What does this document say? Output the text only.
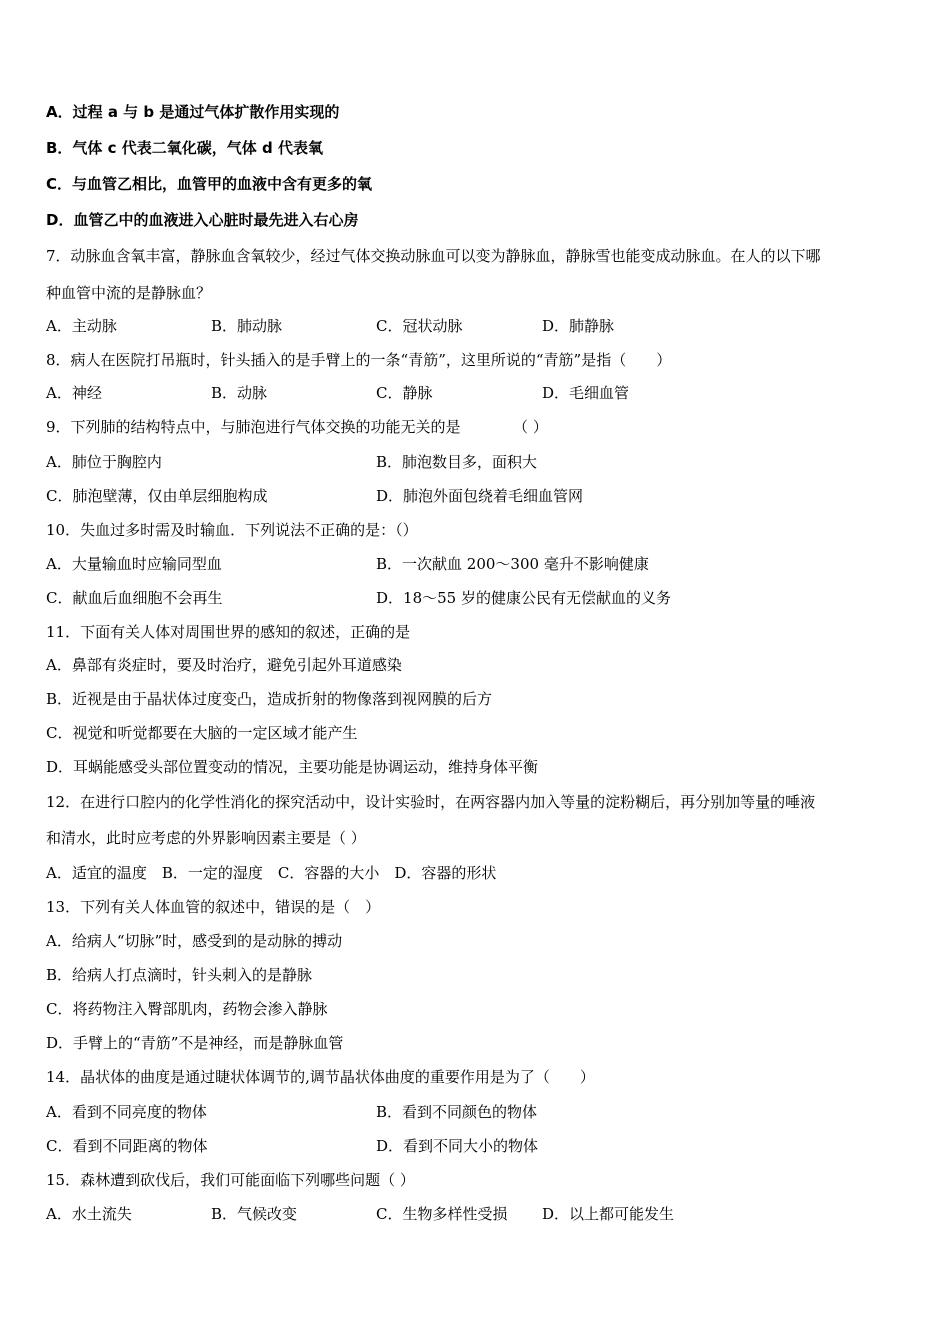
A．过程 a 与 b 是通过气体扩散作用实现的
B．气体 c 代表二氧化碳，气体 d 代表氧
C．与血管乙相比，血管甲的血液中含有更多的氧
D．血管乙中的血液进入心脏时最先进入右心房
7．动脉血含氧丰富，静脉血含氧较少，经过气体交换动脉血可以变为静脉血，静脉雪也能变成动脉血。在人的以下哪
种血管中流的是静脉血？
A．主动脉	B．肺动脉	C．冠状动脉	D．肺静脉
8．病人在医院打吊瓶时，针头插入的是手臂上的一条“青筋”，这里所说的“青筋”是指（　　）
A．神经	B．动脉	C．静脉	D．毛细血管
9．下列肺的结构特点中，与肺泡进行气体交换的功能无关的是　　　　（ ）
A．肺位于胸腔内	B．肺泡数目多，面积大
C．肺泡壁薄，仅由单层细胞构成	D．肺泡外面包绕着毛细血管网
10．失血过多时需及时输血．下列说法不正确的是：（）
A．大量输血时应输同型血	B．一次献血 200～300 毫升不影响健康
C．献血后血细胞不会再生	D．18～55 岁的健康公民有无偿献血的义务
11．下面有关人体对周围世界的感知的叙述，正确的是
A．鼻部有炎症时，要及时治疗，避免引起外耳道感染
B．近视是由于晶状体过度变凸，造成折射的物像落到视网膜的后方
C．视觉和听觉都要在大脑的一定区域才能产生
D．耳蜗能感受头部位置变动的情况，主要功能是协调运动，维持身体平衡
12．在进行口腔内的化学性消化的探究活动中，设计实验时，在两容器内加入等量的淀粉糊后，再分别加等量的唾液
和清水，此时应考虑的外界影响因素主要是（ ）
A．适宜的温度　B．一定的湿度　C．容器的大小　D．容器的形状
13．下列有关人体血管的叙述中，错误的是（　）
A．给病人“切脉”时，感受到的是动脉的搏动
B．给病人打点滴时，针头刺入的是静脉
C．将药物注入臀部肌肉，药物会渗入静脉
D．手臂上的“青筋”不是神经，而是静脉血管
14．晶状体的曲度是通过睫状体调节的,调节晶状体曲度的重要作用是为了（　　）
A．看到不同亮度的物体	B．看到不同颜色的物体
C．看到不同距离的物体	D．看到不同大小的物体
15．森林遭到砍伐后，我们可能面临下列哪些问题（ ）
A．水土流失	B．气候改变	C．生物多样性受损 D．以上都可能发生
